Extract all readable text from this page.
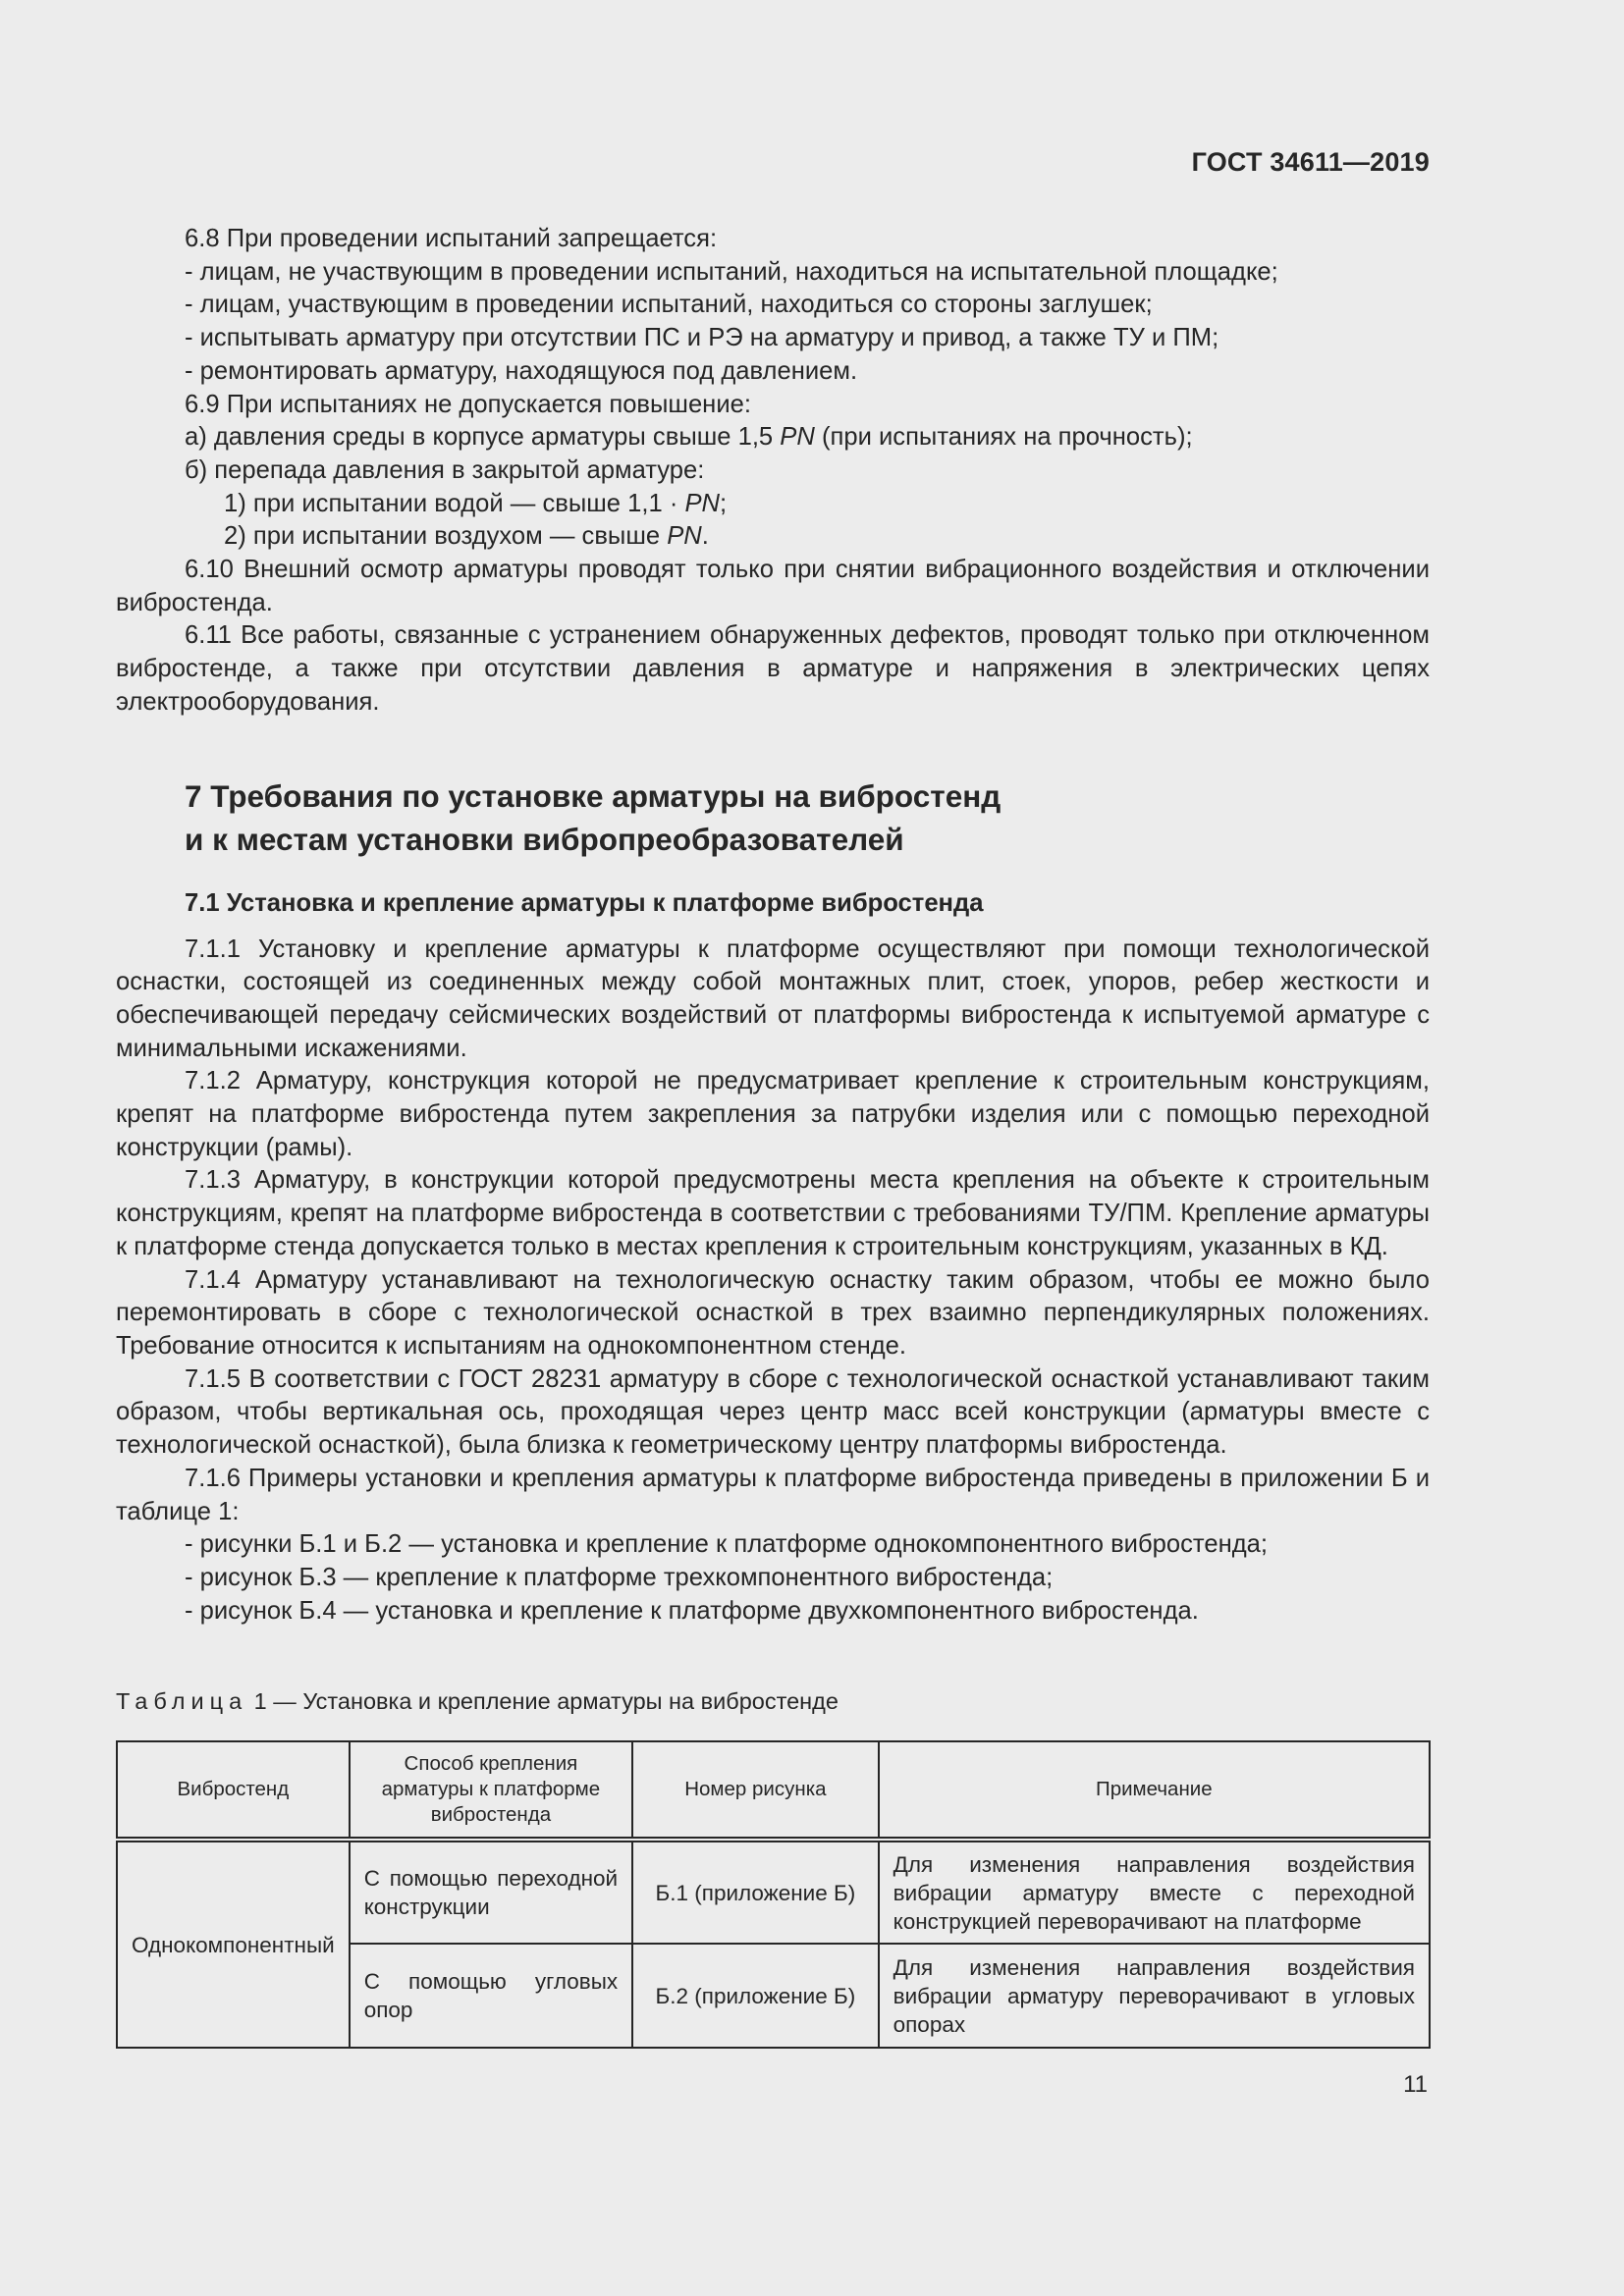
ГОСТ 34611—2019

6.8 При проведении испытаний запрещается:

- лицам, не участвующим в проведении испытаний, находиться на испытательной площадке;

- лицам, участвующим в проведении испытаний, находиться со стороны заглушек;

- испытывать арматуру при отсутствии ПС и РЭ на арматуру и привод, а также ТУ и ПМ;

- ремонтировать арматуру, находящуюся под давлением.

6.9 При испытаниях не допускается повышение:

а) давления среды в корпусе арматуры свыше 1,5 PN (при испытаниях на прочность);

б) перепада давления в закрытой арматуре:

1) при испытании водой — свыше 1,1 · PN;

2) при испытании воздухом — свыше PN.

6.10 Внешний осмотр арматуры проводят только при снятии вибрационного воздействия и отключении вибростенда.

6.11 Все работы, связанные с устранением обнаруженных дефектов, проводят только при отключенном вибростенде, а также при отсутствии давления в арматуре и напряжения в электрических цепях электрооборудования.

7 Требования по установке арматуры на вибростенд
и к местам установки вибропреобразователей
7.1 Установка и крепление арматуры к платформе вибростенда

7.1.1 Установку и крепление арматуры к платформе осуществляют при помощи технологической оснастки, состоящей из соединенных между собой монтажных плит, стоек, упоров, ребер жесткости и обеспечивающей передачу сейсмических воздействий от платформы вибростенда к испытуемой арматуре с минимальными искажениями.

7.1.2 Арматуру, конструкция которой не предусматривает крепление к строительным конструкциям, крепят на платформе вибростенда путем закрепления за патрубки изделия или с помощью переходной конструкции (рамы).

7.1.3 Арматуру, в конструкции которой предусмотрены места крепления на объекте к строительным конструкциям, крепят на платформе вибростенда в соответствии с требованиями ТУ/ПМ. Крепление арматуры к платформе стенда допускается только в местах крепления к строительным конструкциям, указанных в КД.

7.1.4 Арматуру устанавливают на технологическую оснастку таким образом, чтобы ее можно было перемонтировать в сборе с технологической оснасткой в трех взаимно перпендикулярных положениях. Требование относится к испытаниям на однокомпонентном стенде.

7.1.5 В соответствии с ГОСТ 28231 арматуру в сборе с технологической оснасткой устанавливают таким образом, чтобы вертикальная ось, проходящая через центр масс всей конструкции (арматуры вместе с технологической оснасткой), была близка к геометрическому центру платформы вибростенда.

7.1.6 Примеры установки и крепления арматуры к платформе вибростенда приведены в приложении Б и таблице 1:

- рисунки Б.1 и Б.2 — установка и крепление к платформе однокомпонентного вибростенда;

- рисунок Б.3 — крепление к платформе трехкомпонентного вибростенда;

- рисунок Б.4 — установка и крепление к платформе двухкомпонентного вибростенда.

Таблица 1 — Установка и крепление арматуры на вибростенде
Вибростенд	Способ крепления арматуры к платформе вибростенда	Номер рисунка	Примечание
Однокомпонентный	С помощью переходной конструкции	Б.1 (приложение Б)	Для изменения направления воздействия вибрации арматуру вместе с переходной конструкцией переворачивают на платформе
	С помощью угловых опор	Б.2 (приложение Б)	Для изменения направления воздействия вибрации арматуру переворачивают в угловых опорах
11
